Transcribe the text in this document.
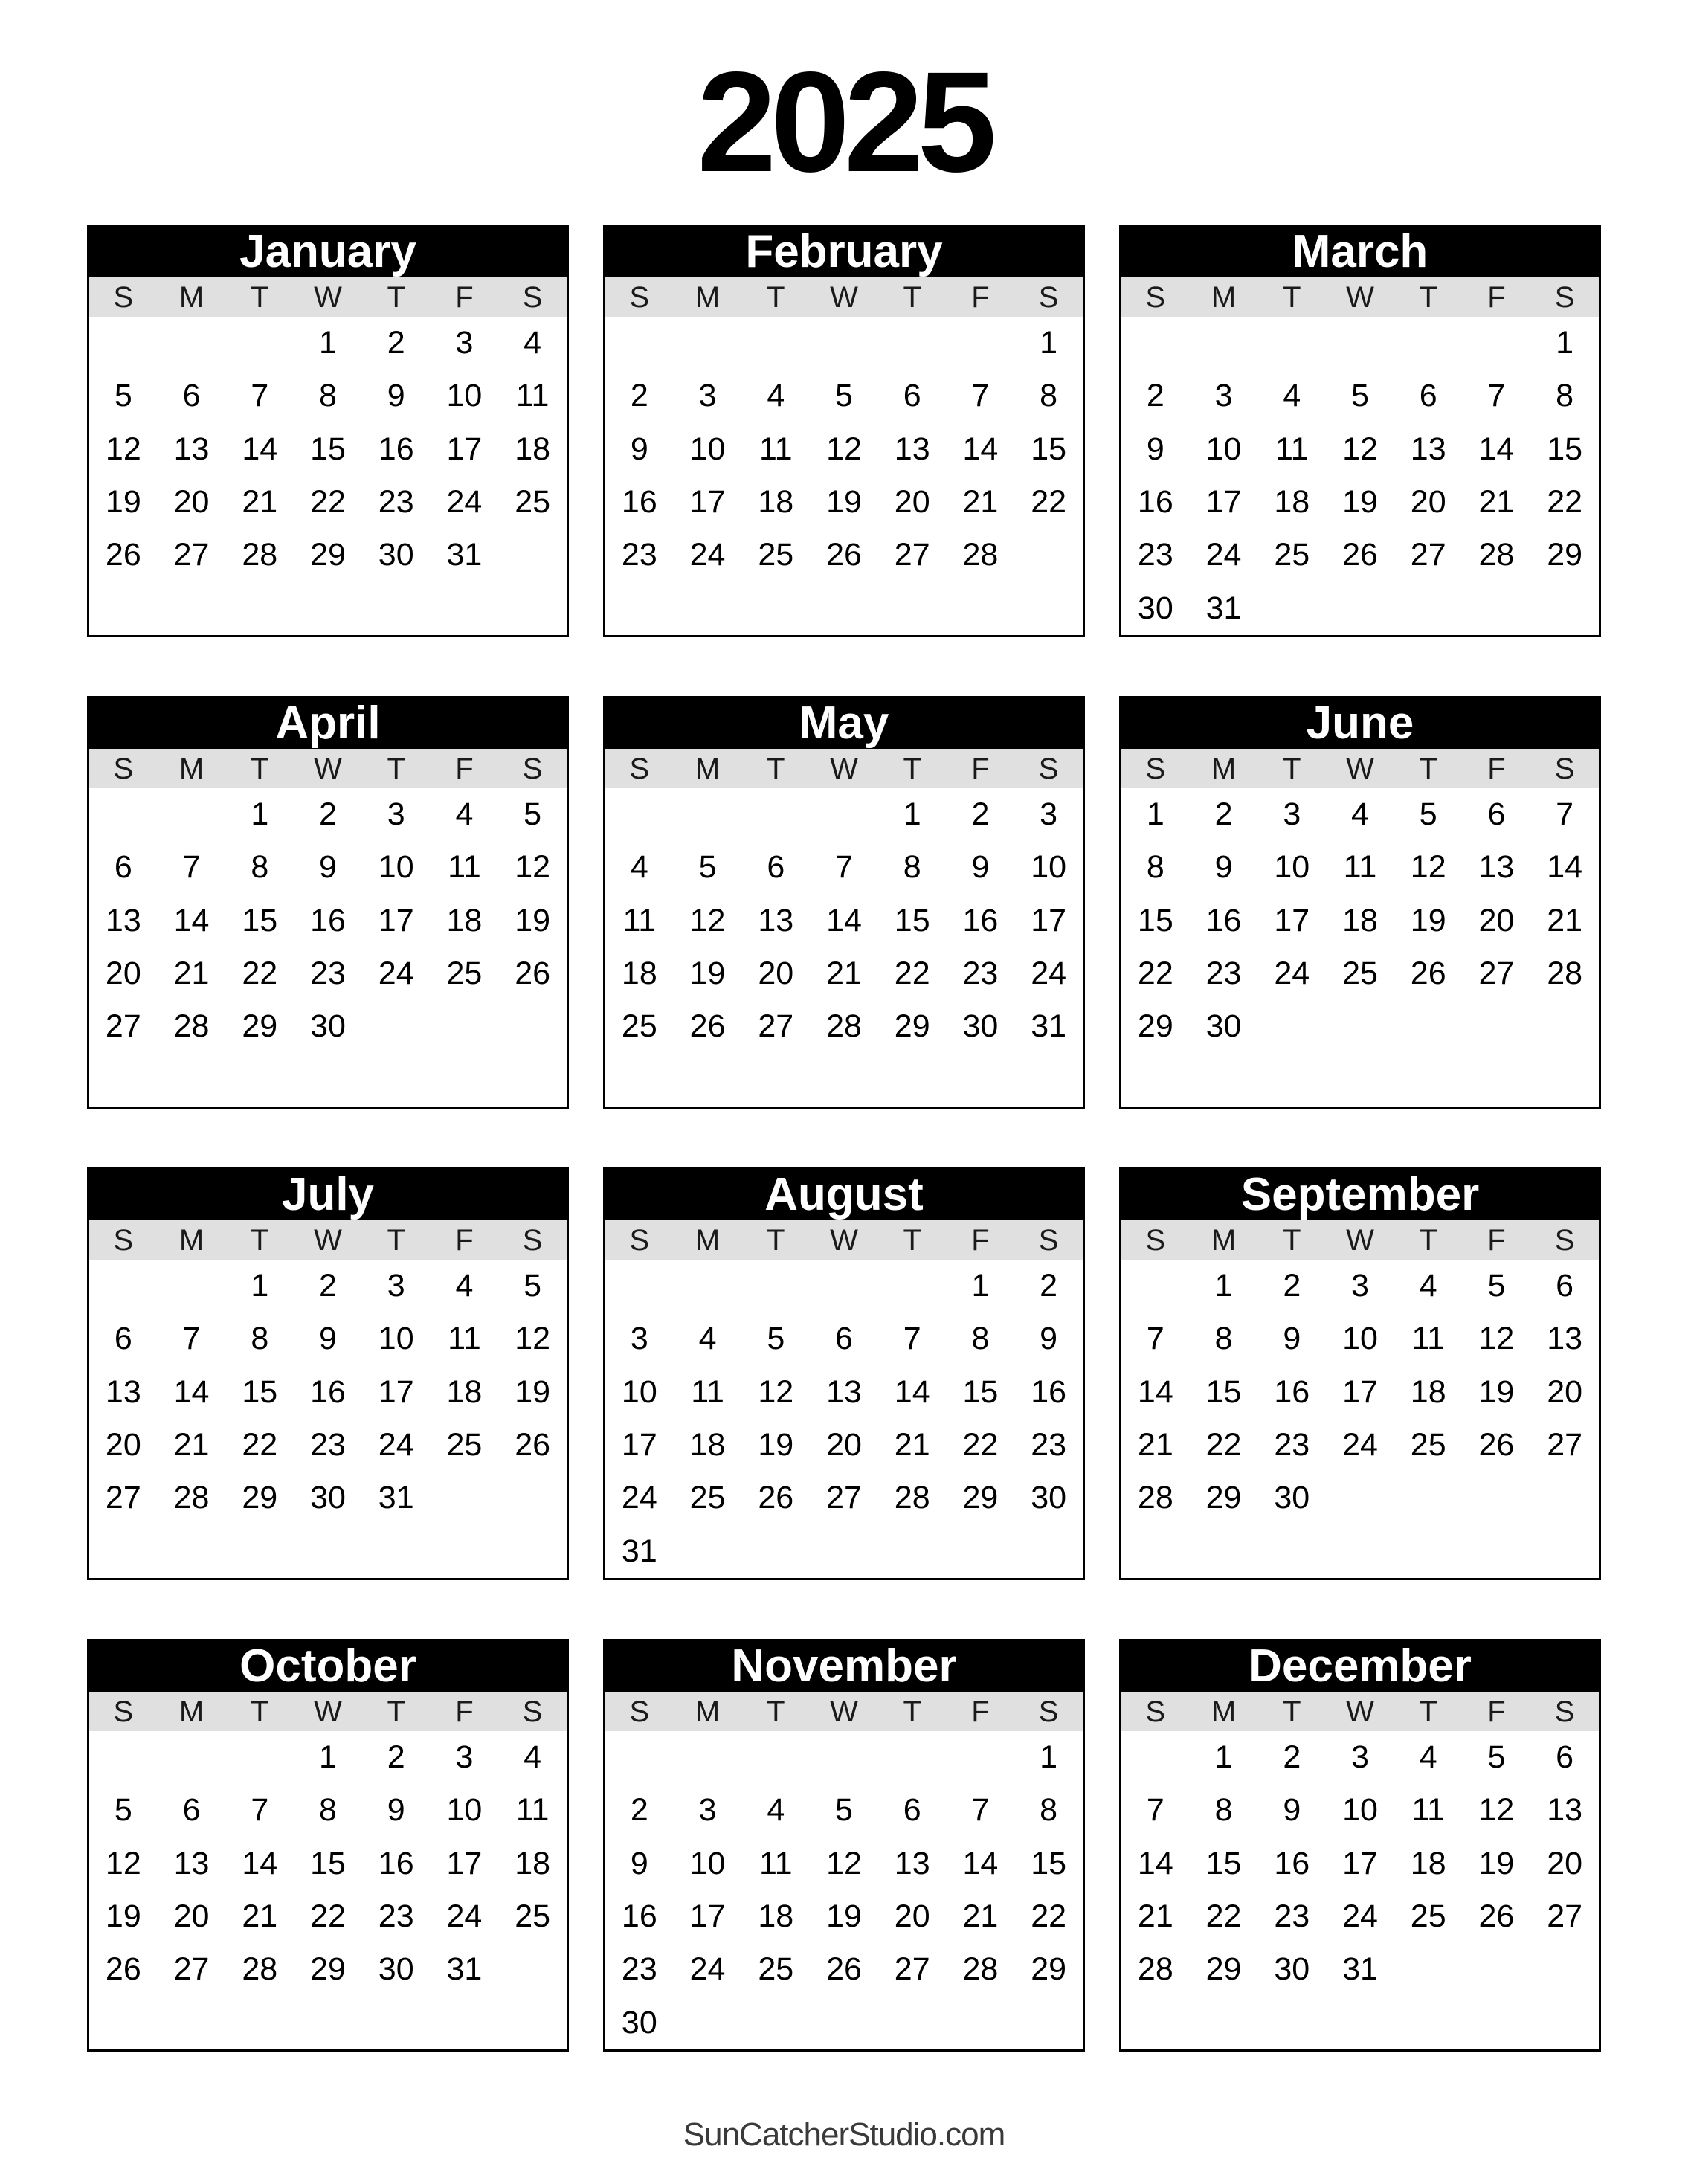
2025
January
S M T W T F S
1 2 3 4
5 6 7 8 9 10 11
12 13 14 15 16 17 18
19 20 21 22 23 24 25
26 27 28 29 30 31
February
S M T W T F S
1
2 3 4 5 6 7 8
9 10 11 12 13 14 15
16 17 18 19 20 21 22
23 24 25 26 27 28
March
S M T W T F S
1
2 3 4 5 6 7 8
9 10 11 12 13 14 15
16 17 18 19 20 21 22
23 24 25 26 27 28 29
30 31
April
S M T W T F S
1 2 3 4 5
6 7 8 9 10 11 12
13 14 15 16 17 18 19
20 21 22 23 24 25 26
27 28 29 30
May
S M T W T F S
1 2 3
4 5 6 7 8 9 10
11 12 13 14 15 16 17
18 19 20 21 22 23 24
25 26 27 28 29 30 31
June
S M T W T F S
1 2 3 4 5 6 7
8 9 10 11 12 13 14
15 16 17 18 19 20 21
22 23 24 25 26 27 28
29 30
July
S M T W T F S
1 2 3 4 5
6 7 8 9 10 11 12
13 14 15 16 17 18 19
20 21 22 23 24 25 26
27 28 29 30 31
August
S M T W T F S
1 2
3 4 5 6 7 8 9
10 11 12 13 14 15 16
17 18 19 20 21 22 23
24 25 26 27 28 29 30
31
September
S M T W T F S
1 2 3 4 5 6
7 8 9 10 11 12 13
14 15 16 17 18 19 20
21 22 23 24 25 26 27
28 29 30
October
S M T W T F S
1 2 3 4
5 6 7 8 9 10 11
12 13 14 15 16 17 18
19 20 21 22 23 24 25
26 27 28 29 30 31
November
S M T W T F S
1
2 3 4 5 6 7 8
9 10 11 12 13 14 15
16 17 18 19 20 21 22
23 24 25 26 27 28 29
30
December
S M T W T F S
1 2 3 4 5 6
7 8 9 10 11 12 13
14 15 16 17 18 19 20
21 22 23 24 25 26 27
28 29 30 31
SunCatcherStudio.com
